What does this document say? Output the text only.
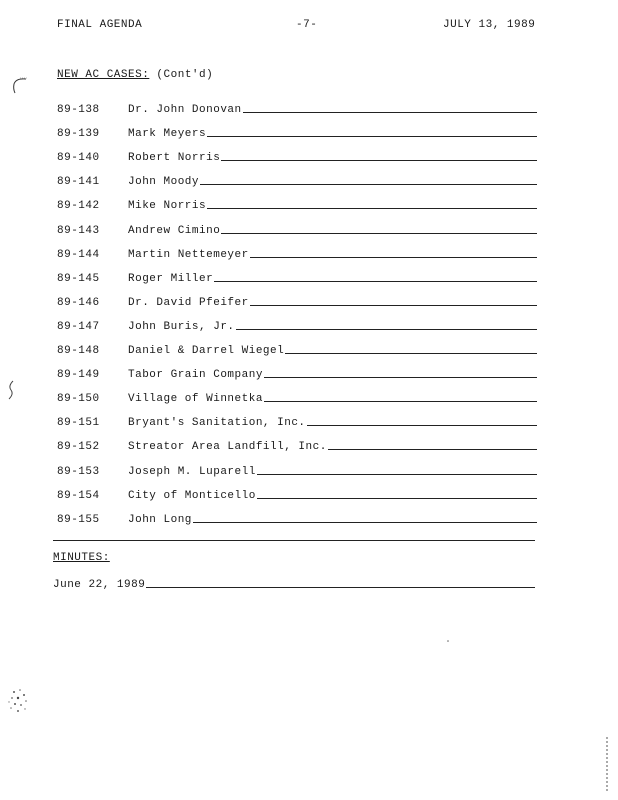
FINAL AGENDA	-7-	JULY 13, 1989
NEW AC CASES: (Cont'd)
89-138	Dr. John Donovan
89-139	Mark Meyers
89-140	Robert Norris
89-141	John Moody
89-142	Mike Norris
89-143	Andrew Cimino
89-144	Martin Nettemeyer
89-145	Roger Miller
89-146	Dr. David Pfeifer
89-147	John Buris, Jr.
89-148	Daniel & Darrel Wiegel
89-149	Tabor Grain Company
89-150	Village of Winnetka
89-151	Bryant's Sanitation, Inc.
89-152	Streator Area Landfill, Inc.
89-153	Joseph M. Luparell
89-154	City of Monticello
89-155	John Long
MINUTES:
June 22, 1989
